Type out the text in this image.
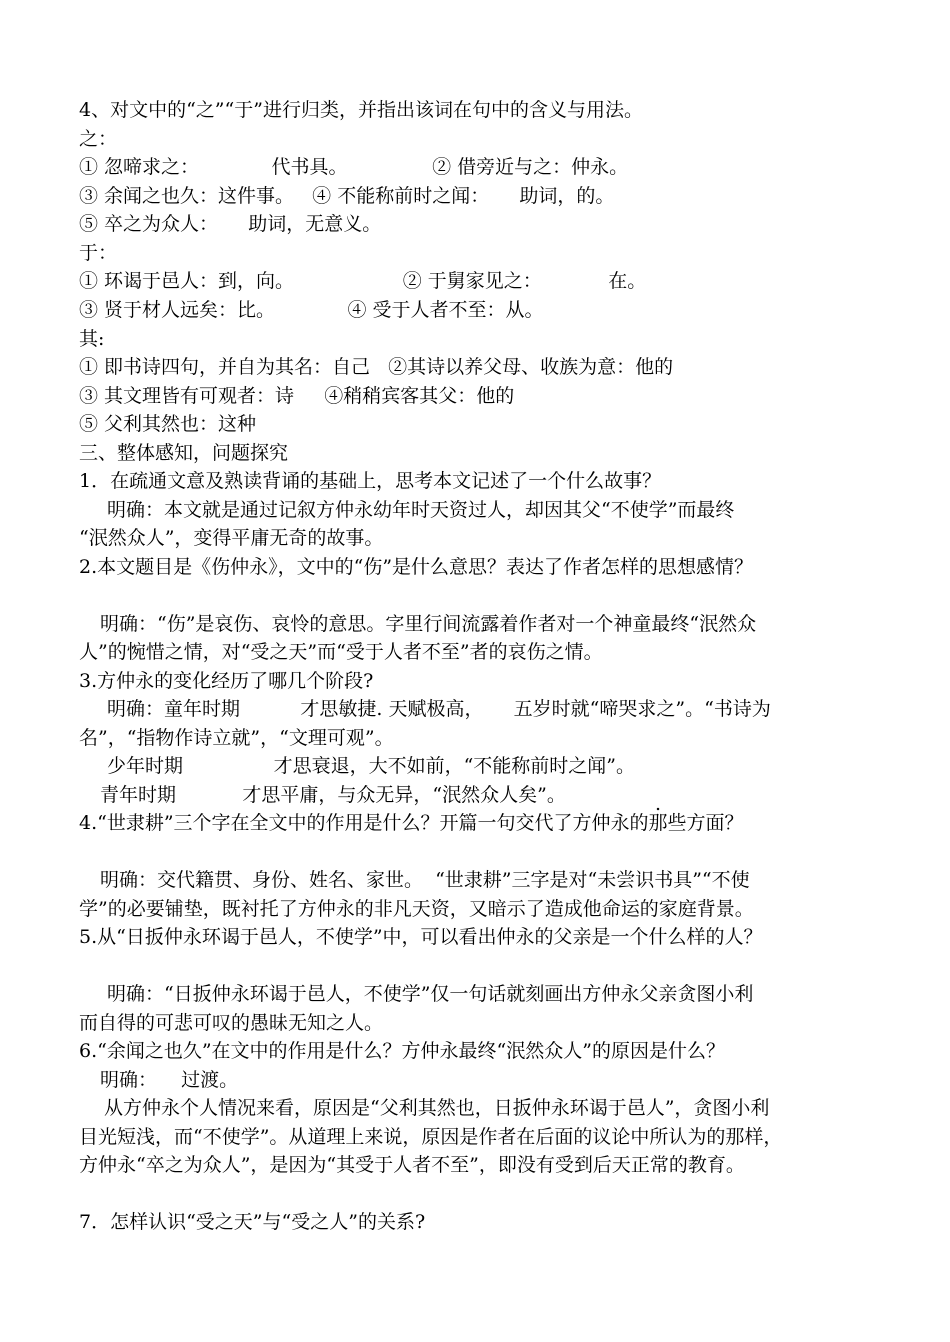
4、对文中的“之”“于”进行归类，并指出该词在句中的含义与用法。
之：
① 忽啼求之：            代书具。              ② 借旁近与之：仲永。
③ 余闻之也久：这件事。   ④ 不能称前时之闻：     助词，的。
⑤ 卒之为众人：     助词，无意义。
于：
① 环谒于邑人：到，向。                  ② 于舅家见之：           在。
③ 贤于材人远矣：比。            ④ 受于人者不至：从。
其:
① 即书诗四句，并自为其名：自己   ②其诗以养父母、收族为意：他的
③ 其文理皆有可观者：诗     ④稍稍宾客其父：他的
⑤ 父利其然也：这种
三、整体感知，问题探究
1．在疏通文意及熟读背诵的基础上，思考本文记述了一个什么故事？
明确：本文就是通过记叙方仲永幼年时天资过人，却因其父“不使学”而最终
“泯然众人”，变得平庸无奇的故事。
2.本文题目是《伤仲永》，文中的“伤”是什么意思？表达了作者怎样的思想感情？
明确：“伤”是哀伤、哀怜的意思。字里行间流露着作者对一个神童最终“泯然众
人”的惋惜之情，对“受之天”而“受于人者不至”者的哀伤之情。
3.方仲永的变化经历了哪几个阶段?
明确：童年时期          才思敏捷. 天赋极高，     五岁时就“啼哭求之”。“书诗为
名”，“指物作诗立就”，“文理可观”。
少年时期               才思衰退，大不如前，“不能称前时之闻”。
青年时期           才思平庸，与众无异，“泯然众人矣”。	.
4.“世隶耕”三个字在全文中的作用是什么？开篇一句交代了方仲永的那些方面？
明确：交代籍贯、身份、姓名、家世。  “世隶耕”三字是对“未尝识书具”“不使
学”的必要铺垫，既衬托了方仲永的非凡天资，又暗示了造成他命运的家庭背景。
5.从“日扳仲永环谒于邑人，不使学”中，可以看出仲永的父亲是一个什么样的人？
明确：“日扳仲永环谒于邑人，不使学”仅一句话就刻画出方仲永父亲贪图小利
而自得的可悲可叹的愚昧无知之人。
6.“余闻之也久”在文中的作用是什么？方仲永最终“泯然众人”的原因是什么？
明确：    过渡。
从方仲永个人情况来看，原因是“父利其然也，日扳仲永环谒于邑人”，贪图小利
目光短浅，而“不使学”。从道理上来说，原因是作者在后面的议论中所认为的那样，
方仲永“卒之为众人”，是因为“其受于人者不至”，即没有受到后天正常的教育。
7．怎样认识“受之天”与“受之人”的关系?
